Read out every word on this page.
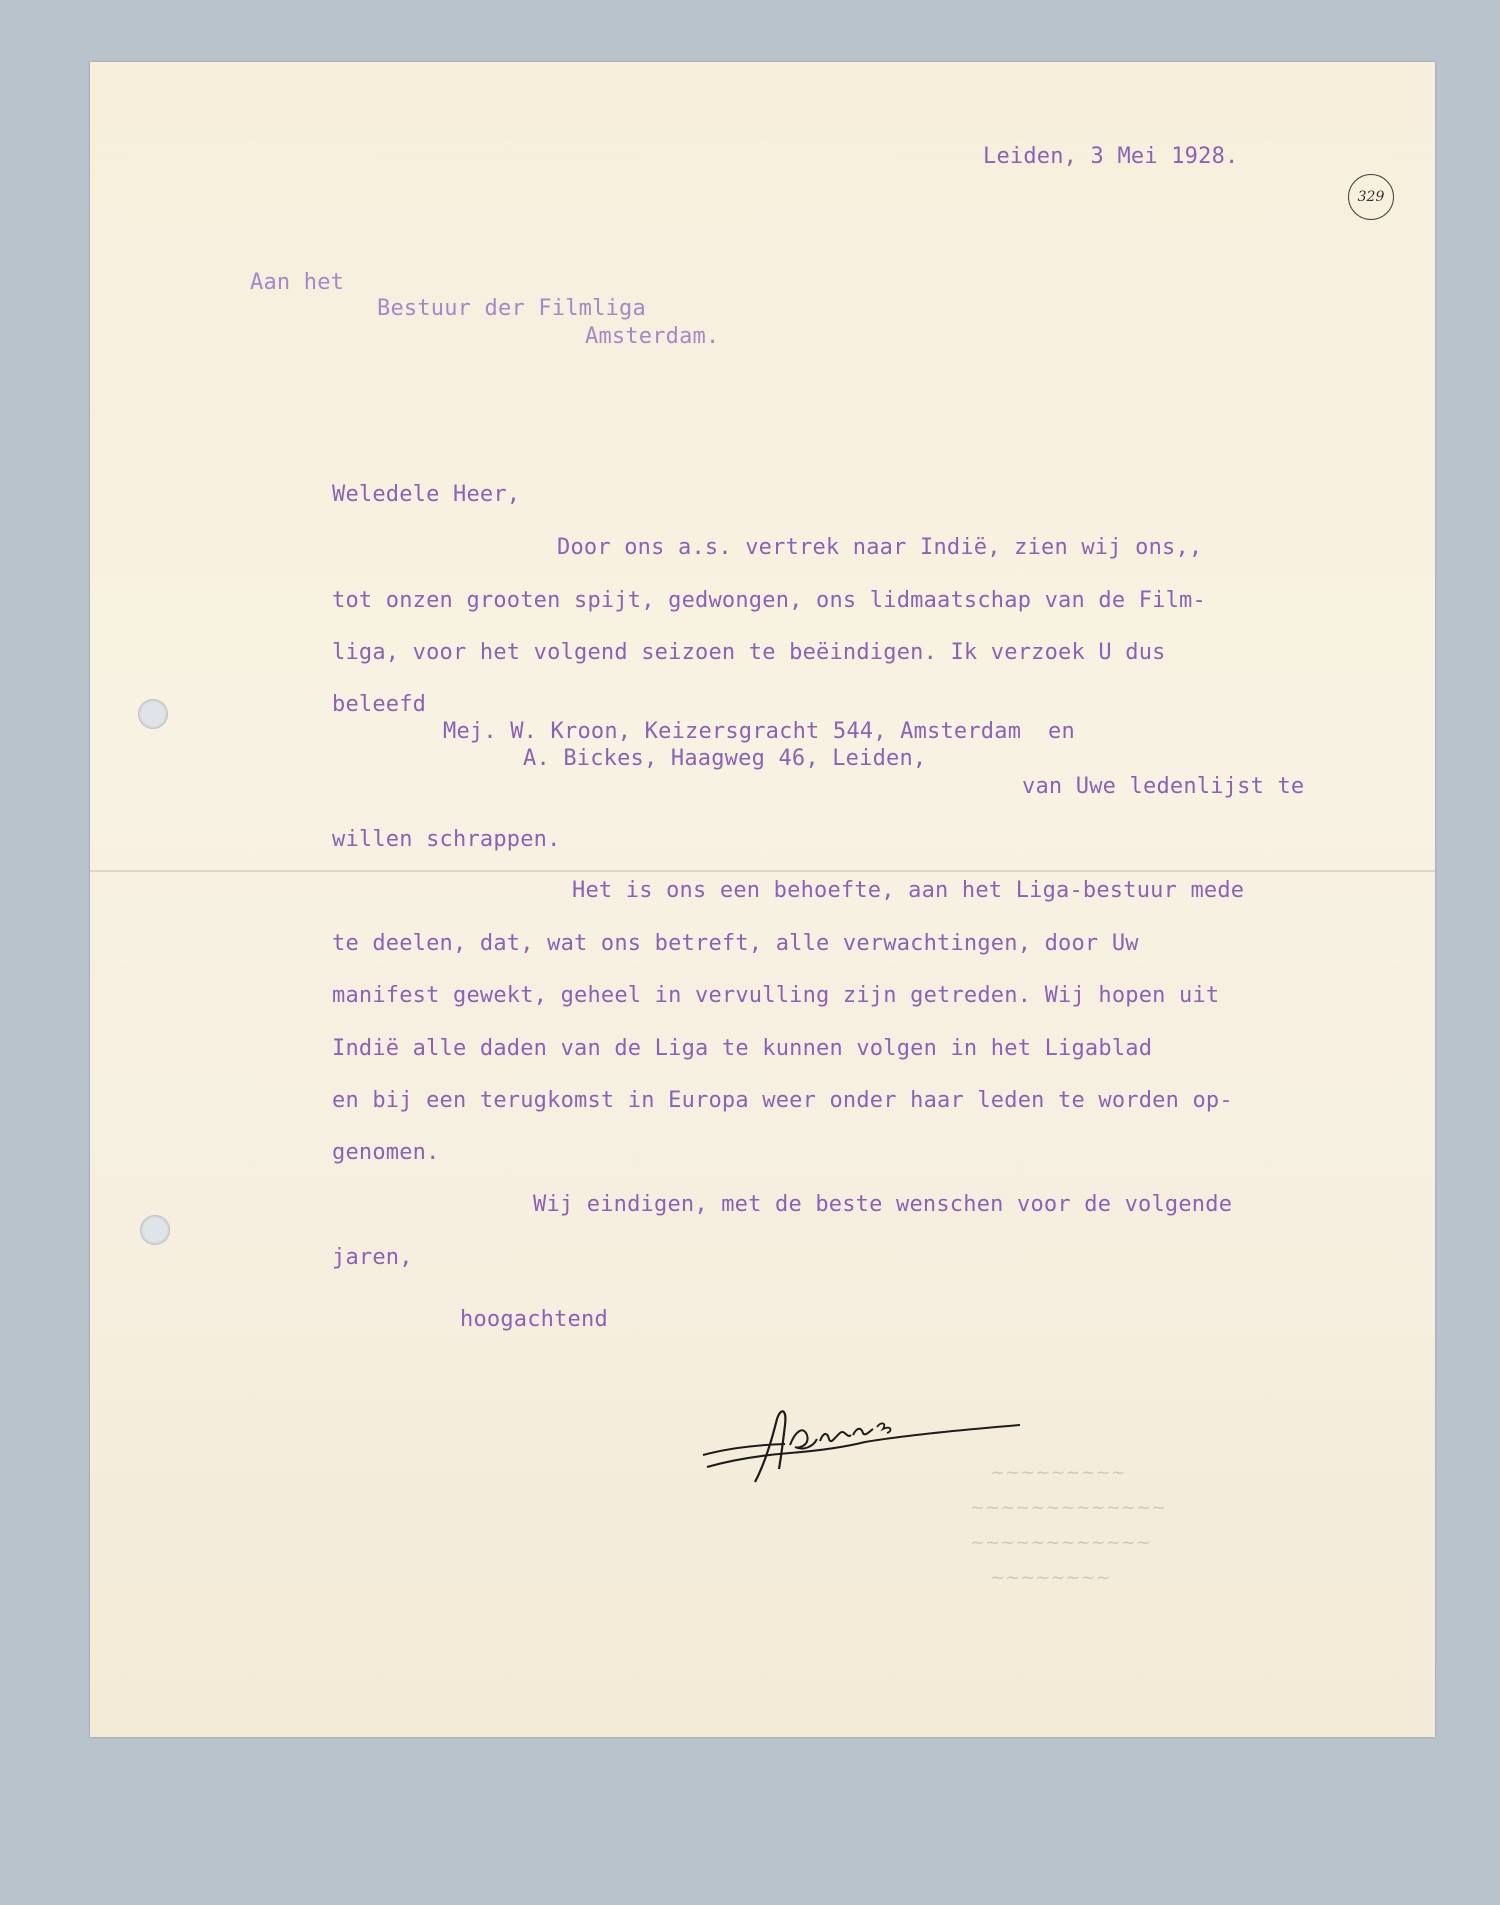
Leiden, 3 Mei 1928.
329
Aan het
Bestuur der Filmliga
Amsterdam.
Weledele Heer,
Door ons a.s. vertrek naar Indië, zien wij ons,,
tot onzen grooten spijt, gedwongen, ons lidmaatschap van de Film-
liga, voor het volgend seizoen te beëindigen. Ik verzoek U dus
beleefd
Mej. W. Kroon, Keizersgracht 544, Amsterdam  en
A. Bickes, Haagweg 46, Leiden,
van Uwe ledenlijst te
willen schrappen.
Het is ons een behoefte, aan het Liga-bestuur mede
te deelen, dat, wat ons betreft, alle verwachtingen, door Uw
manifest gewekt, geheel in vervulling zijn getreden. Wij hopen uit
Indië alle daden van de Liga te kunnen volgen in het Ligablad
en bij een terugkomst in Europa weer onder haar leden te worden op-
genomen.
Wij eindigen, met de beste wenschen voor de volgende
jaren,
hoogachtend
~~~~~~~~~
~~~~~~~~~~~~~
~~~~~~~~~~~~
~~~~~~~~
